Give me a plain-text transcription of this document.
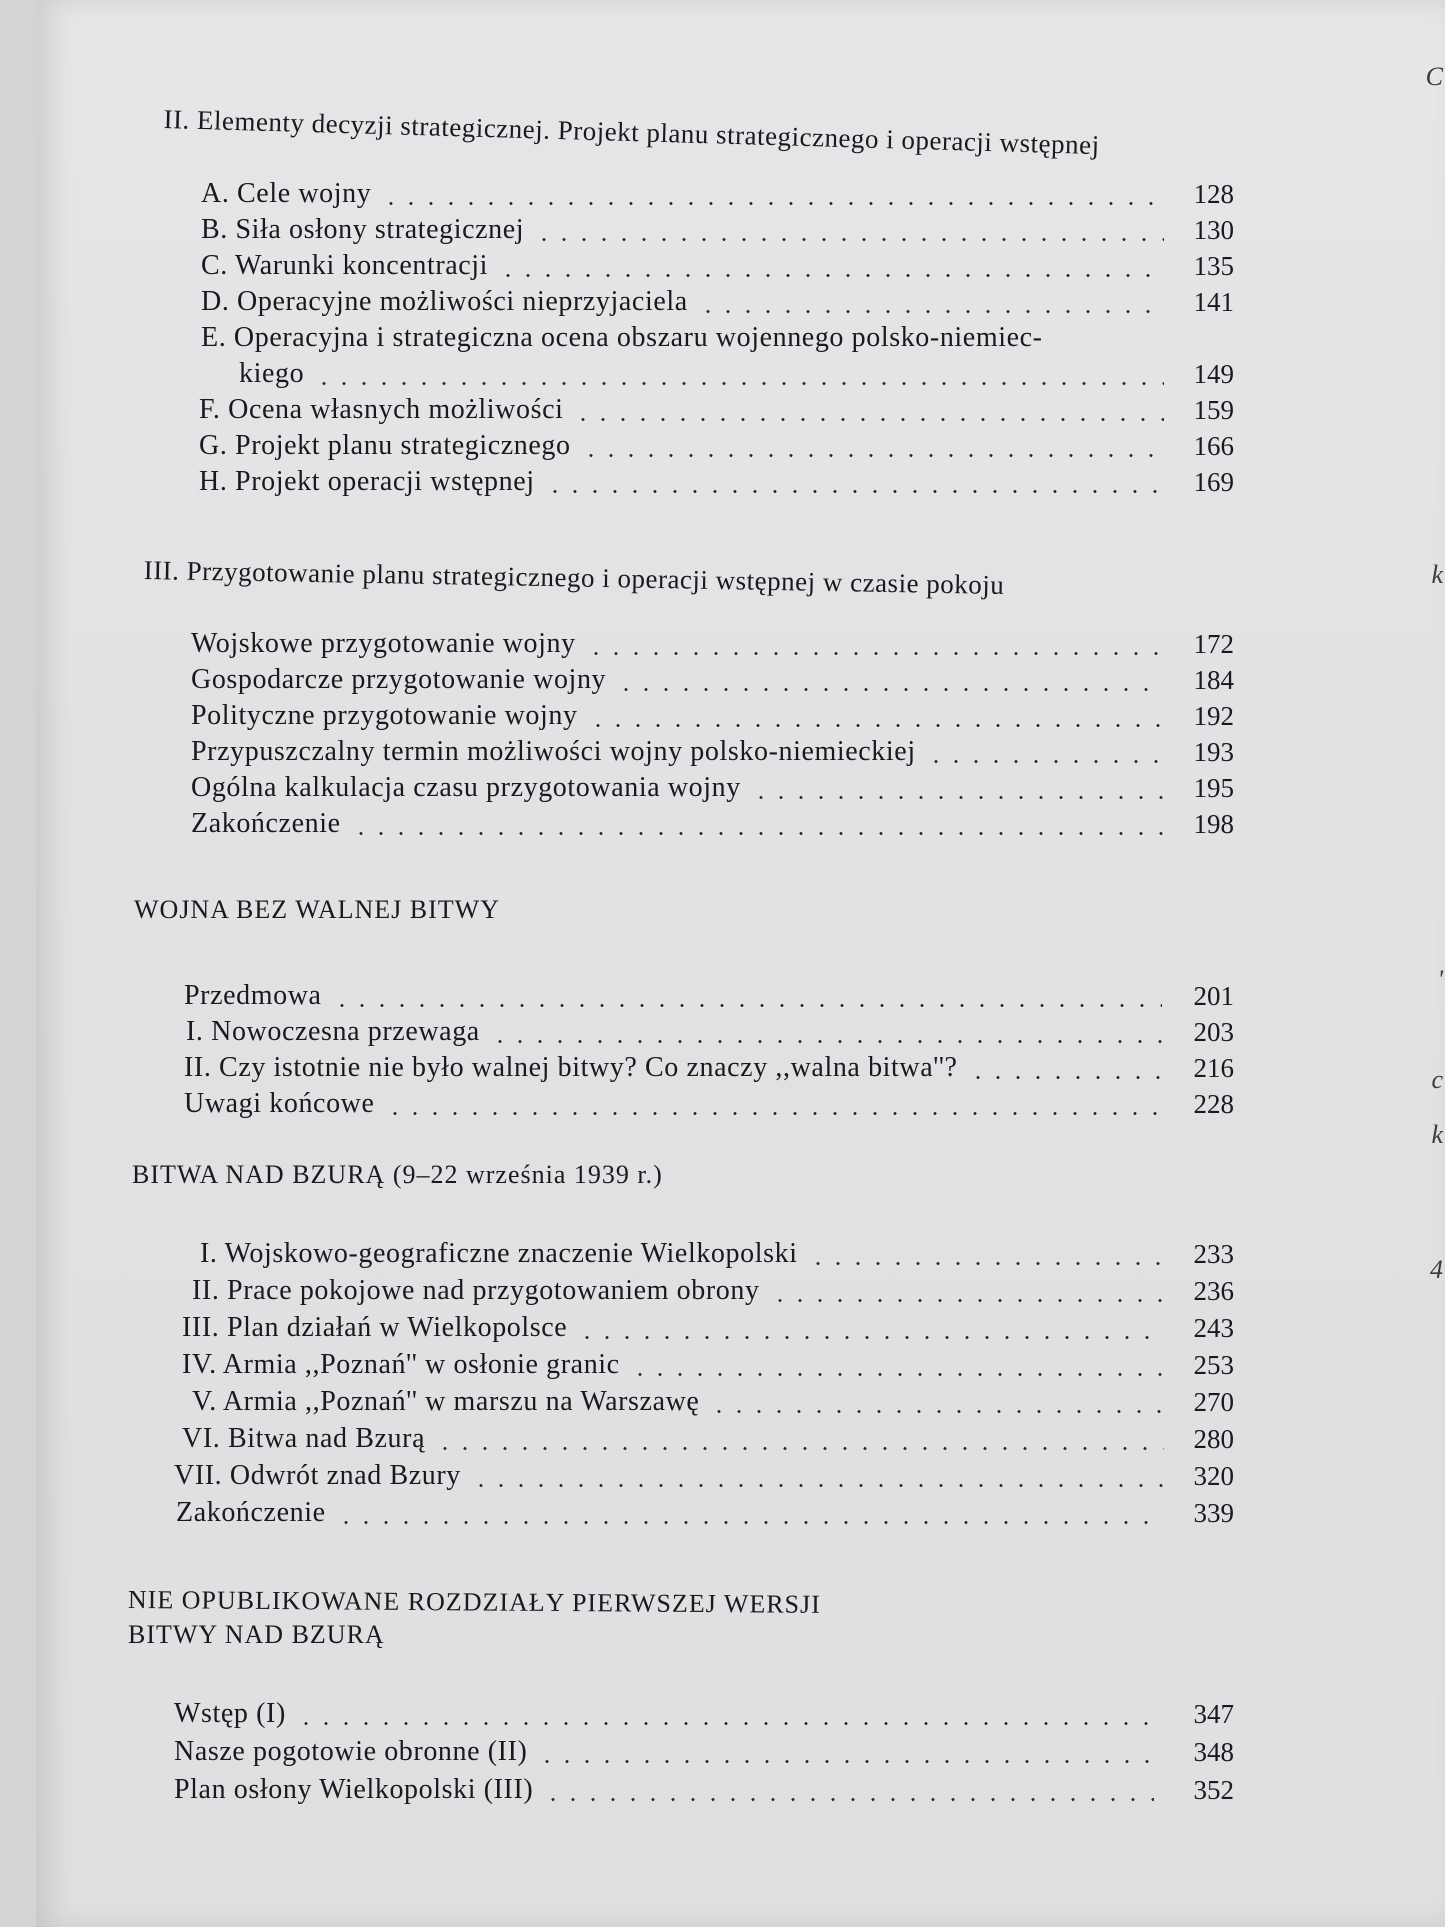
C
k
'
c
k
4
II. Elementy decyzji strategicznej. Projekt planu strategicznego i operacji wstępnej
A. Cele wojny	128
B. Siła osłony strategicznej	130
C. Warunki koncentracji	135
D. Operacyjne możliwości nieprzyjaciela	141
E. Operacyjna i strategiczna ocena obszaru wojennego polsko-niemiec-
kiego	149
F. Ocena własnych możliwości	159
G. Projekt planu strategicznego	166
H. Projekt operacji wstępnej	169
III. Przygotowanie planu strategicznego i operacji wstępnej w czasie pokoju
Wojskowe przygotowanie wojny	172
Gospodarcze przygotowanie wojny	184
Polityczne przygotowanie wojny	192
Przypuszczalny termin możliwości wojny polsko-niemieckiej	193
Ogólna kalkulacja czasu przygotowania wojny	195
Zakończenie	198
WOJNA BEZ WALNEJ BITWY
Przedmowa	201
I. Nowoczesna przewaga	203
II. Czy istotnie nie było walnej bitwy? Co znaczy ,,walna bitwa''?	216
Uwagi końcowe	228
BITWA NAD BZURĄ (9–22 września 1939 r.)
I. Wojskowo-geograficzne znaczenie Wielkopolski	233
II. Prace pokojowe nad przygotowaniem obrony	236
III. Plan działań w Wielkopolsce	243
IV. Armia ,,Poznań'' w osłonie granic	253
V. Armia ,,Poznań'' w marszu na Warszawę	270
VI. Bitwa nad Bzurą	280
VII. Odwrót znad Bzury	320
Zakończenie	339
NIE OPUBLIKOWANE ROZDZIAŁY PIERWSZEJ WERSJI
BITWY NAD BZURĄ
Wstęp (I)	347
Nasze pogotowie obronne (II)	348
Plan osłony Wielkopolski (III)	352
